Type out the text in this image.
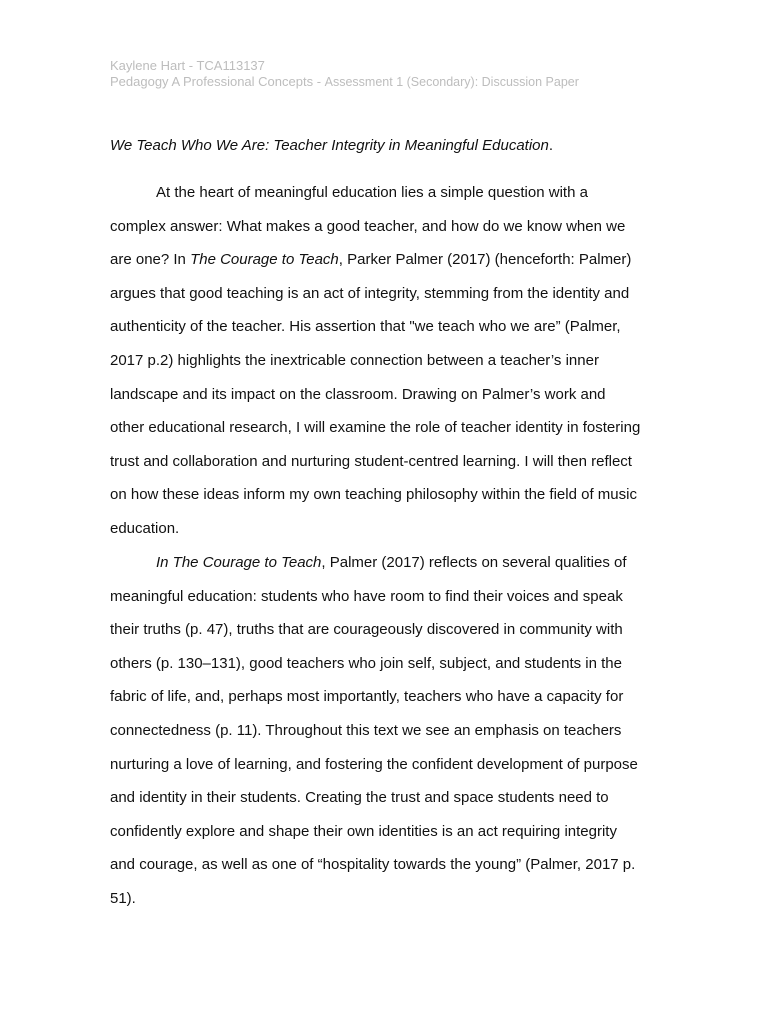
Kaylene Hart - TCA113137
Pedagogy A Professional Concepts - Assessment 1 (Secondary): Discussion Paper
We Teach Who We Are: Teacher Integrity in Meaningful Education.
At the heart of meaningful education lies a simple question with a
complex answer: What makes a good teacher, and how do we know when we
are one? In The Courage to Teach, Parker Palmer (2017) (henceforth: Palmer)
argues that good teaching is an act of integrity, stemming from the identity and
authenticity of the teacher. His assertion that "we teach who we are” (Palmer,
2017 p.2) highlights the inextricable connection between a teacher’s inner
landscape and its impact on the classroom. Drawing on Palmer’s work and
other educational research, I will examine the role of teacher identity in fostering
trust and collaboration and nurturing student-centred learning. I will then reflect
on how these ideas inform my own teaching philosophy within the field of music
education.
In The Courage to Teach, Palmer (2017) reflects on several qualities of
meaningful education: students who have room to find their voices and speak
their truths (p. 47), truths that are courageously discovered in community with
others (p. 130–131), good teachers who join self, subject, and students in the
fabric of life, and, perhaps most importantly, teachers who have a capacity for
connectedness (p. 11). Throughout this text we see an emphasis on teachers
nurturing a love of learning, and fostering the confident development of purpose
and identity in their students. Creating the trust and space students need to
confidently explore and shape their own identities is an act requiring integrity
and courage, as well as one of “hospitality towards the young” (Palmer, 2017 p.
51).
